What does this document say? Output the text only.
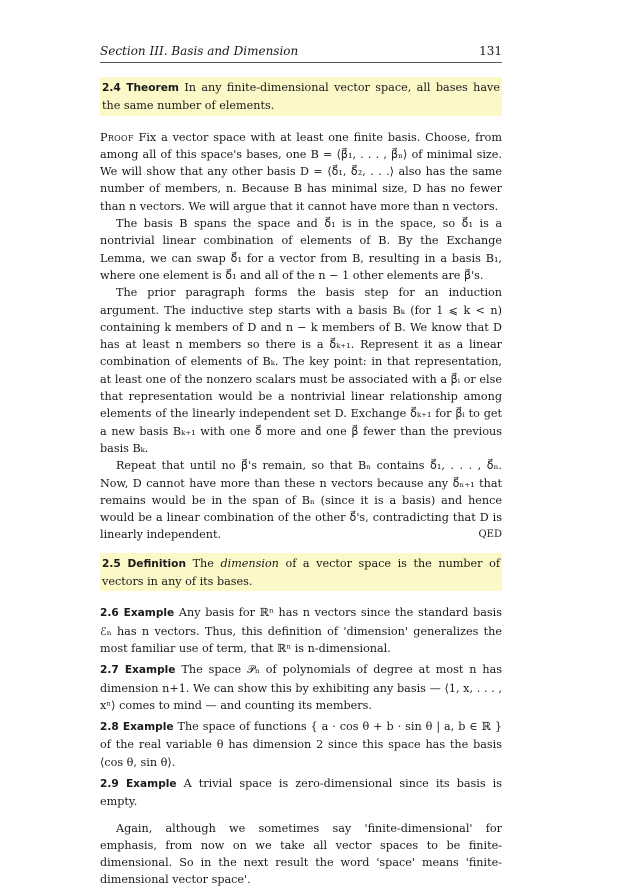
Section III. Basis and Dimension	131
2.4 Theorem In any finite-dimensional vector space, all bases have the same number of elements.

Proof Fix a vector space with at least one finite basis. Choose, from among all of this space's bases, one B = ⟨β⃗₁, . . . , β⃗ₙ⟩ of minimal size. We will show that any other basis D = ⟨δ⃗₁, δ⃗₂, . . .⟩ also has the same number of members, n. Because B has minimal size, D has no fewer than n vectors. We will argue that it cannot have more than n vectors.

The basis B spans the space and δ⃗₁ is in the space, so δ⃗₁ is a nontrivial linear combination of elements of B. By the Exchange Lemma, we can swap δ⃗₁ for a vector from B, resulting in a basis B₁, where one element is δ⃗₁ and all of the n − 1 other elements are β⃗'s.

The prior paragraph forms the basis step for an induction argument. The inductive step starts with a basis Bₖ (for 1 ⩽ k < n) containing k members of D and n − k members of B. We know that D has at least n members so there is a δ⃗ₖ₊₁. Represent it as a linear combination of elements of Bₖ. The key point: in that representation, at least one of the nonzero scalars must be associated with a β⃗ᵢ or else that representation would be a nontrivial linear relationship among elements of the linearly independent set D. Exchange δ⃗ₖ₊₁ for β⃗ᵢ to get a new basis Bₖ₊₁ with one δ⃗ more and one β⃗ fewer than the previous basis Bₖ.

Repeat that until no β⃗'s remain, so that Bₙ contains δ⃗₁, . . . , δ⃗ₙ. Now, D cannot have more than these n vectors because any δ⃗ₙ₊₁ that remains would be in the span of Bₙ (since it is a basis) and hence would be a linear combination of the other δ⃗'s, contradicting that D is linearly independent.	QED

2.5 Definition The dimension of a vector space is the number of vectors in any of its bases.

2.6 Example Any basis for ℝⁿ has n vectors since the standard basis ℰₙ has n vectors. Thus, this definition of 'dimension' generalizes the most familiar use of term, that ℝⁿ is n-dimensional.

2.7 Example The space 𝒫ₙ of polynomials of degree at most n has dimension n+1. We can show this by exhibiting any basis — ⟨1, x, . . . , xⁿ⟩ comes to mind — and counting its members.

2.8 Example The space of functions { a · cos θ + b · sin θ | a, b ∈ ℝ } of the real variable θ has dimension 2 since this space has the basis ⟨cos θ, sin θ⟩.

2.9 Example A trivial space is zero-dimensional since its basis is empty.

Again, although we sometimes say 'finite-dimensional' for emphasis, from now on we take all vector spaces to be finite-dimensional. So in the next result the word 'space' means 'finite-dimensional vector space'.
